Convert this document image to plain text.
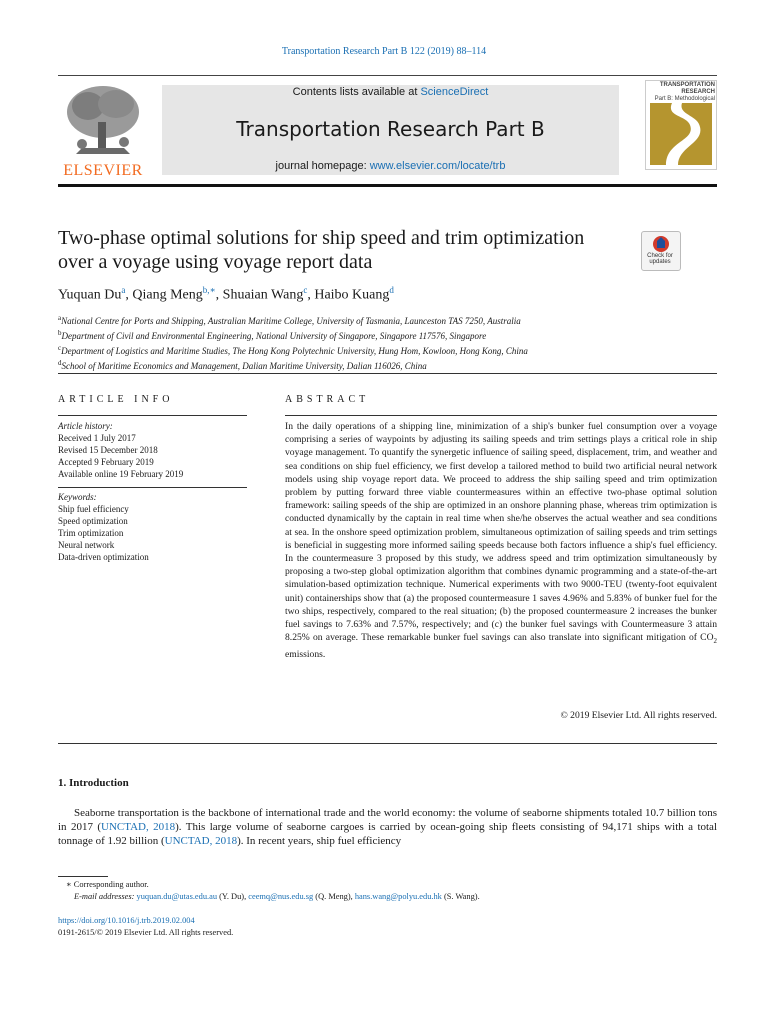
Transportation Research Part B 122 (2019) 88–114
ELSEVIER
Contents lists available at ScienceDirect
Transportation Research Part B
journal homepage: www.elsevier.com/locate/trb
TRANSPORTATION RESEARCH
Part B: Methodological
Two-phase optimal solutions for ship speed and trim optimization over a voyage using voyage report data	Check for updates
Yuquan Du$^a$, Qiang Meng$^{b,∗}$, Shuaian Wang$^c$, Haibo Kuang$^d$
$^a$National Centre for Ports and Shipping, Australian Maritime College, University of Tasmania, Launceston TAS 7250, Australia
$^b$Department of Civil and Environmental Engineering, National University of Singapore, Singapore 117576, Singapore
$^c$Department of Logistics and Maritime Studies, The Hong Kong Polytechnic University, Hung Hom, Kowloon, Hong Kong, China
$^d$School of Maritime Economics and Management, Dalian Maritime University, Dalian 116026, China
ARTICLE INFO
Article history:
Received 1 July 2017
Revised 15 December 2018
Accepted 9 February 2019
Available online 19 February 2019
Keywords:
Ship fuel efficiency
Speed optimization
Trim optimization
Neural network
Data-driven optimization
ABSTRACT
In the daily operations of a shipping line, minimization of a ship's bunker fuel consumption over a voyage comprising a series of waypoints by adjusting its sailing speeds and trim settings plays a critical role in ship voyage management. To quantify the synergetic influence of sailing speed, displacement, trim, and weather and sea conditions on ship fuel efficiency, we first develop a tailored method to build two artificial neural network models using ship voyage report data. We proceed to address the ship sailing speed and trim optimization problem by putting forward three viable countermeasures within an effective two-phase optimal solution framework: sailing speeds of the ship are optimized in an onshore planning phase, whereas trim optimization is conducted dynamically by the captain in real time when she/he observes the actual weather and sea conditions at sea. In the onshore speed optimization problem, simultaneous optimization of sailing speeds and trim settings is beneficial in suggesting more informed sailing speeds because both factors influence a ship's fuel efficiency. In the countermeasure 3 proposed by this study, we address speed and trim optimization simultaneously by proposing a two-step global optimization algorithm that combines dynamic programming and a state-of-the-art simulation-based optimization technique. Numerical experiments with two 9000-TEU (twenty-foot equivalent unit) containerships show that (a) the proposed countermeasure 1 saves 4.96% and 5.83% of bunker fuel for the two ships, respectively, compared to the real situation; (b) the proposed countermeasure 2 increases the bunker fuel savings to 7.63% and 7.57%, respectively; and (c) the bunker fuel savings with Countermeasure 3 attain 8.25% on average. These remarkable bunker fuel savings can also translate into significant mitigation of $CO_2$ emissions.
© 2019 Elsevier Ltd. All rights reserved.
1. Introduction
Seaborne transportation is the backbone of international trade and the world economy: the volume of seaborne shipments totaled 10.7 billion tons in 2017 (UNCTAD, 2018). This large volume of seaborne cargoes is carried by ocean-going ship fleets consisting of 94,171 ships with a total tonnage of 1.92 billion (UNCTAD, 2018). In recent years, ship fuel efficiency
∗ Corresponding author.
E-mail addresses: yuquan.du@utas.edu.au (Y. Du), ceemq@nus.edu.sg (Q. Meng), hans.wang@polyu.edu.hk (S. Wang).
https://doi.org/10.1016/j.trb.2019.02.004
0191-2615/© 2019 Elsevier Ltd. All rights reserved.
